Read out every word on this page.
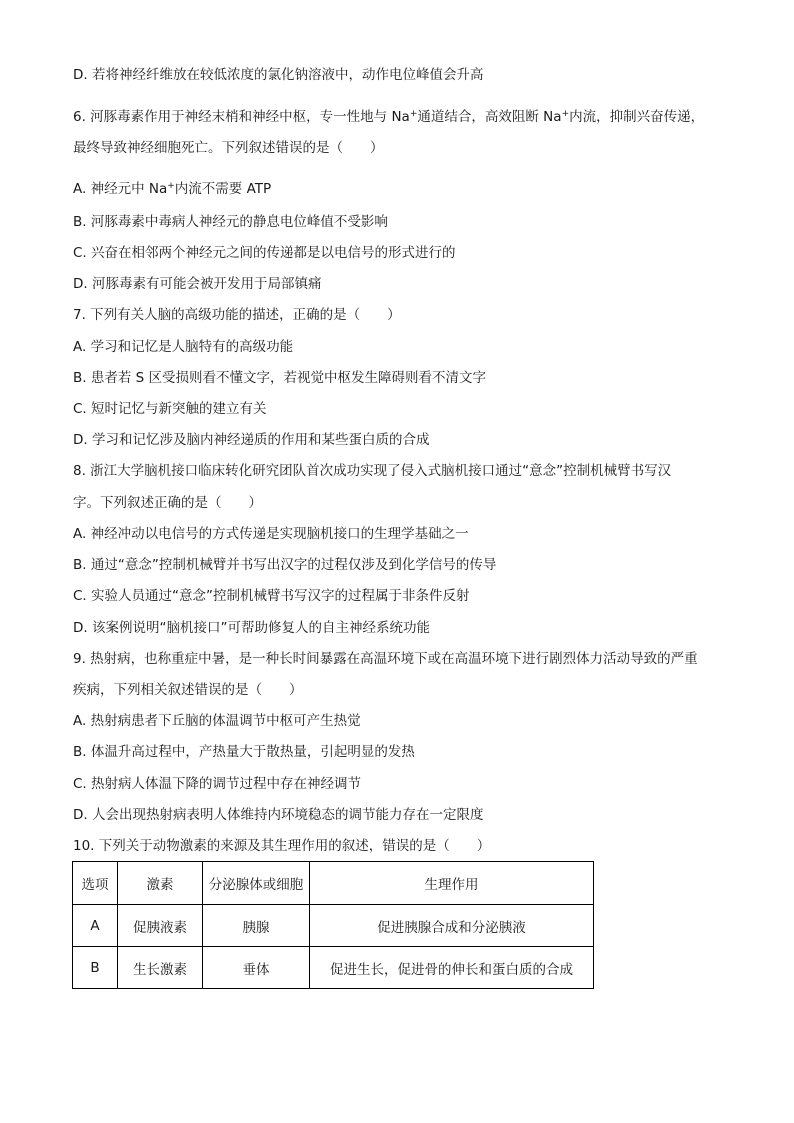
D. 若将神经纤维放在较低浓度的氯化钠溶液中，动作电位峰值会升高
6. 河豚毒素作用于神经末梢和神经中枢，专一性地与 Na+通道结合，高效阻断 Na+内流，抑制兴奋传递，
最终导致神经细胞死亡。下列叙述错误的是（　　）
A. 神经元中 Na+内流不需要 ATP
B. 河豚毒素中毒病人神经元的静息电位峰值不受影响
C. 兴奋在相邻两个神经元之间的传递都是以电信号的形式进行的
D. 河豚毒素有可能会被开发用于局部镇痛
7. 下列有关人脑的高级功能的描述，正确的是（　　）
A. 学习和记忆是人脑特有的高级功能
B. 患者若 S 区受损则看不懂文字，若视觉中枢发生障碍则看不清文字
C. 短时记忆与新突触的建立有关
D. 学习和记忆涉及脑内神经递质的作用和某些蛋白质的合成
8. 浙江大学脑机接口临床转化研究团队首次成功实现了侵入式脑机接口通过“意念”控制机械臂书写汉
字。下列叙述正确的是（　　）
A. 神经冲动以电信号的方式传递是实现脑机接口的生理学基础之一
B. 通过“意念”控制机械臂并书写出汉字的过程仅涉及到化学信号的传导
C. 实验人员通过“意念”控制机械臂书写汉字的过程属于非条件反射
D. 该案例说明“脑机接口”可帮助修复人的自主神经系统功能
9. 热射病，也称重症中暑，是一种长时间暴露在高温环境下或在高温环境下进行剧烈体力活动导致的严重
疾病，下列相关叙述错误的是（　　）
A. 热射病患者下丘脑的体温调节中枢可产生热觉
B. 体温升高过程中，产热量大于散热量，引起明显的发热
C. 热射病人体温下降的调节过程中存在神经调节
D. 人会出现热射病表明人体维持内环境稳态的调节能力存在一定限度
10. 下列关于动物激素的来源及其生理作用的叙述，错误的是（　　）
选项	激素	分泌腺体或细胞	生理作用
A	促胰液素	胰腺	促进胰腺合成和分泌胰液
B	生长激素	垂体	促进生长，促进骨的伸长和蛋白质的合成
